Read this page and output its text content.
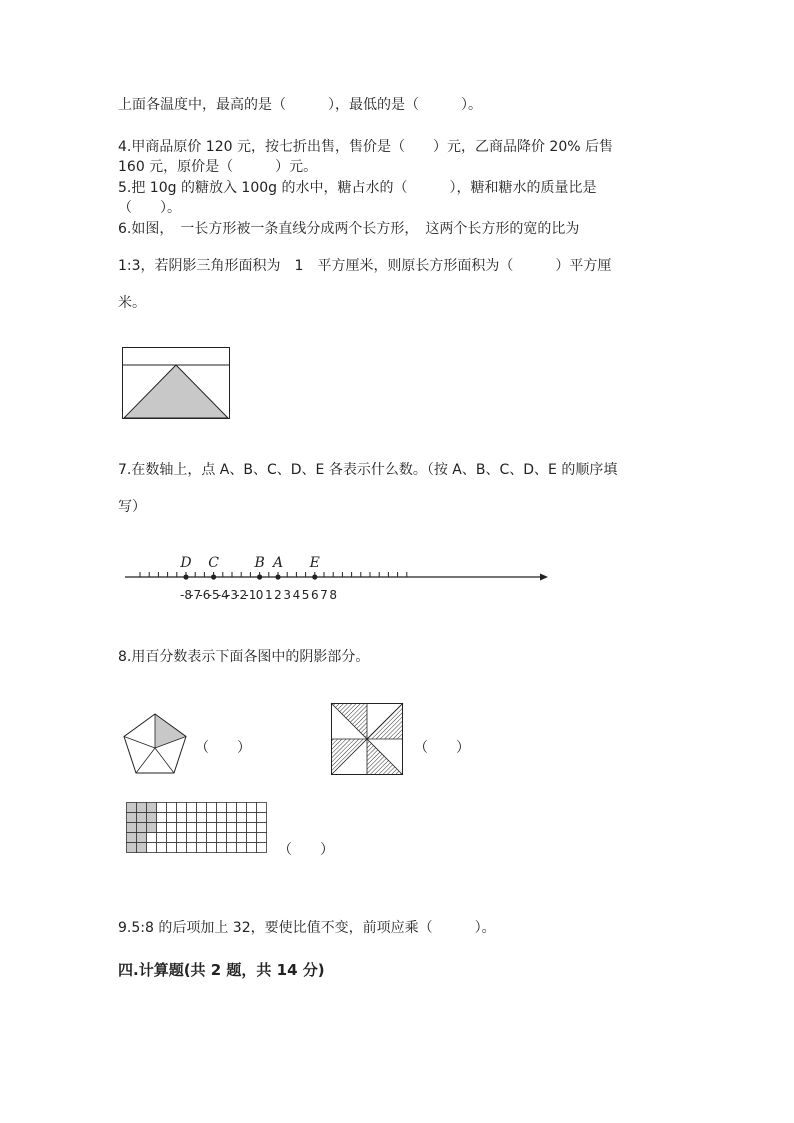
上面各温度中，最高的是（　　　），最低的是（　　　）。
4.甲商品原价 120 元，按七折出售，售价是（　　）元，乙商品降价 20% 后售
160 元，原价是（　　　）元。
5.把 10g 的糖放入 100g 的水中，糖占水的（　　　），糖和糖水的质量比是
（　　）。
6.如图，　一长方形被一条直线分成两个长方形，　这两个长方形的宽的比为
1:3，若阴影三角形面积为　1　平方厘米，则原长方形面积为（　　　）平方厘
米。
7.在数轴上，点 A、B、C、D、E 各表示什么数。（按 A、B、C、D、E 的顺序填
写）
-8
-7
-6
-5
-4
-3
-2
-1 0 1 2 3 4 5 6 7 8
D C	B A E
8.用百分数表示下面各图中的阴影部分。
（　　）	（　　）
（　　）
9.5:8 的后项加上 32，要使比值不变，前项应乘（　　　）。
四.计算题(共 2 题，共 14 分)
